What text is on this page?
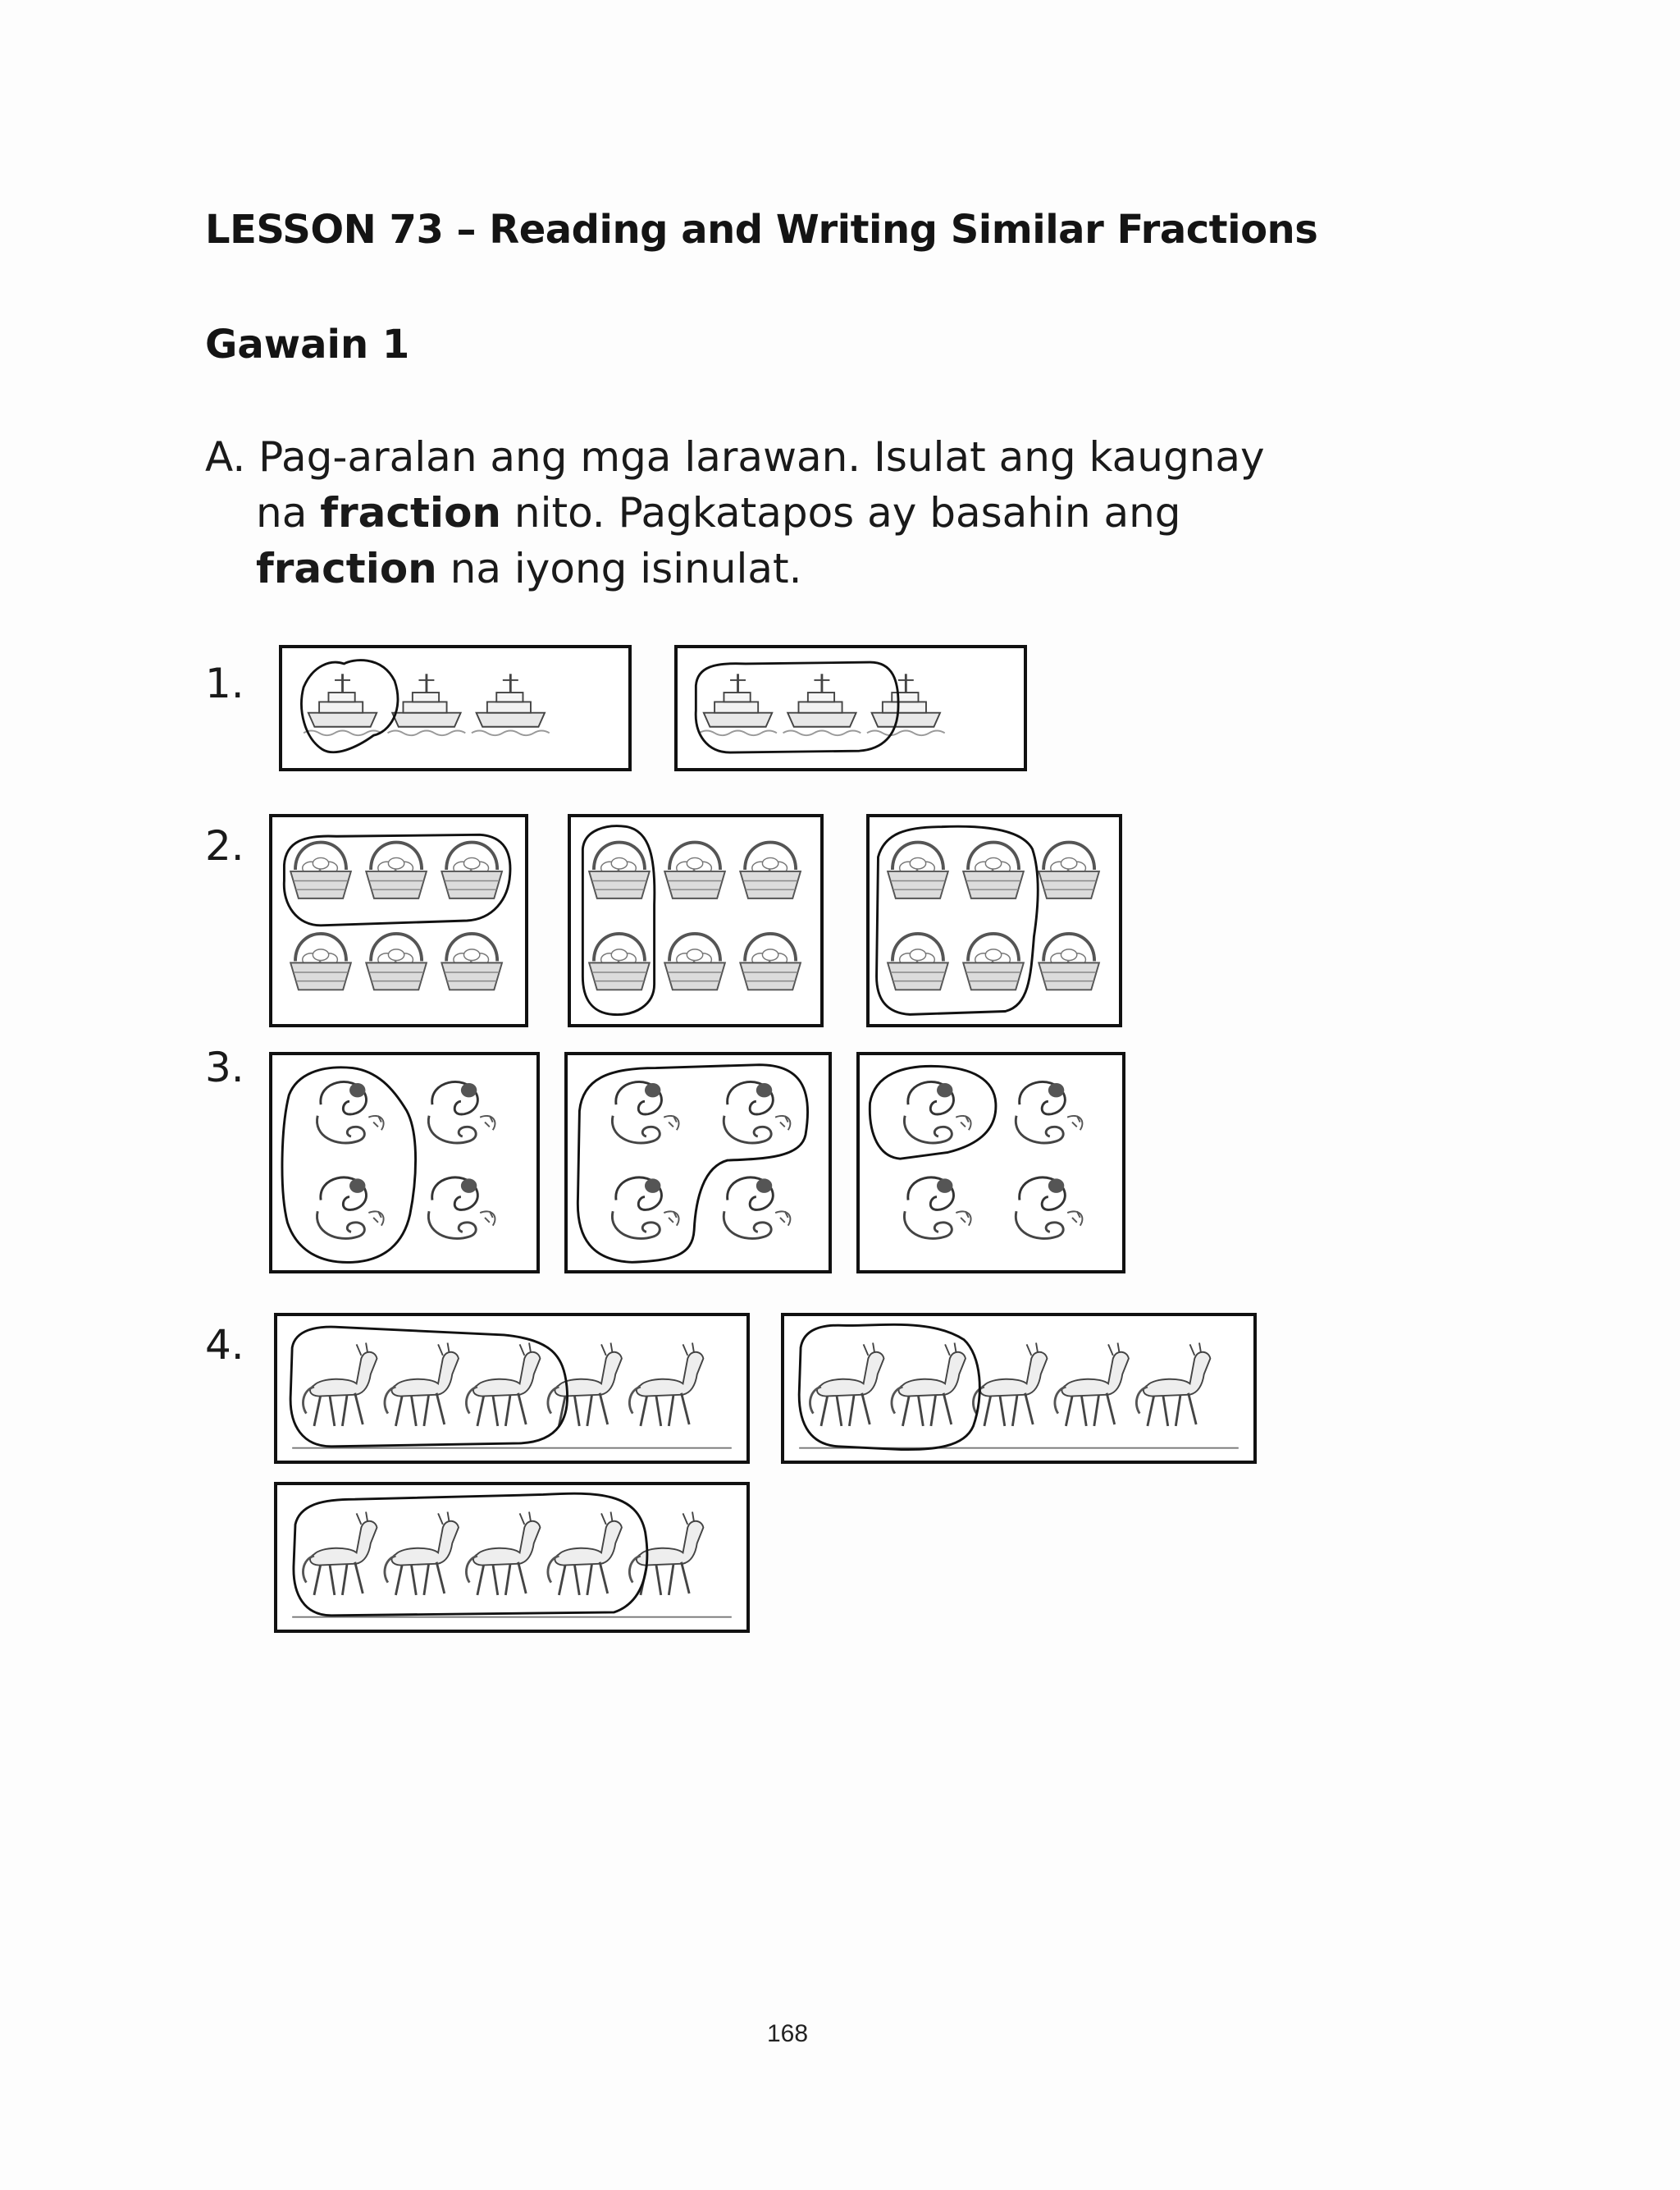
LESSON 73 – Reading and Writing Similar Fractions
Gawain 1
A. Pag-aralan ang mga larawan. Isulat ang kaugnay
na fraction nito. Pagkatapos ay basahin ang
fraction na iyong isinulat.
1.
2.
3.
4.
168
